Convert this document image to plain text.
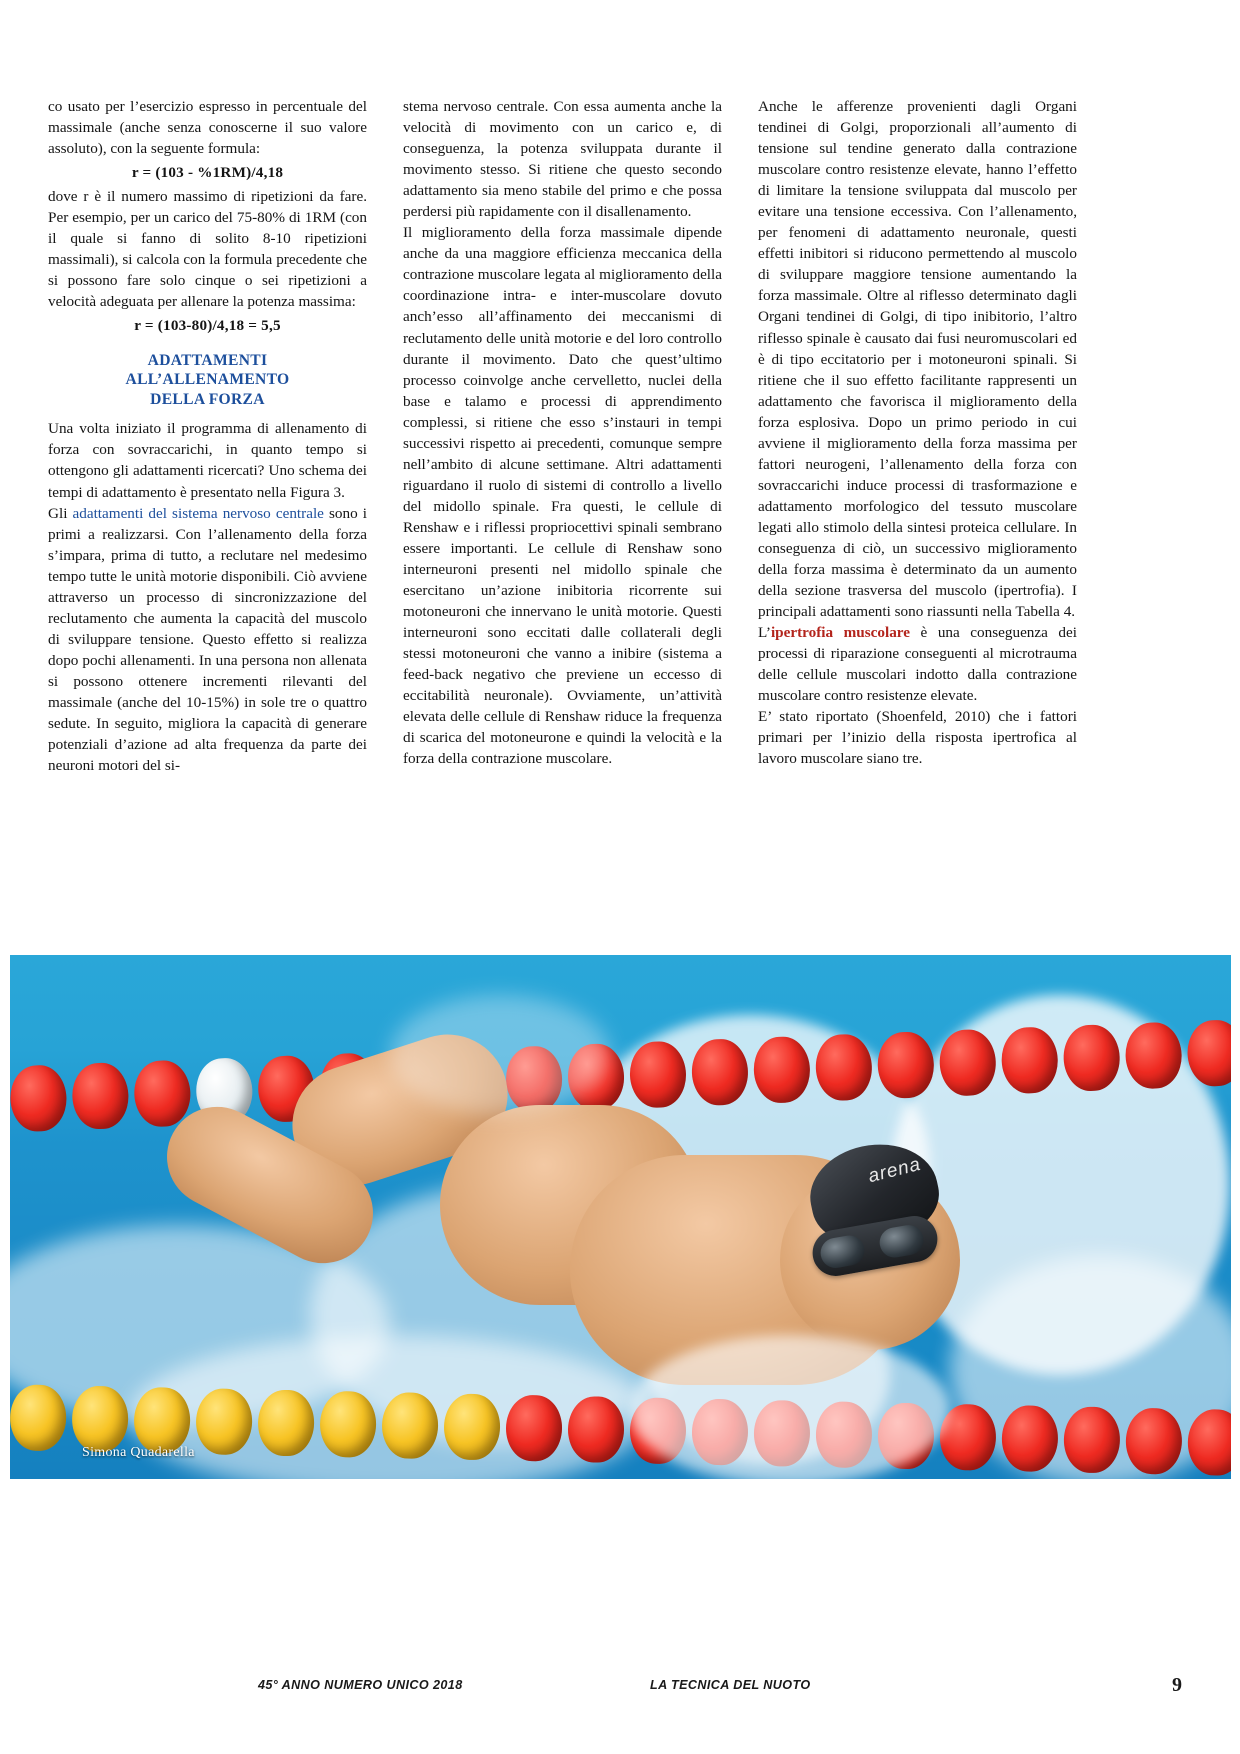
co usato per l’esercizio espresso in percentuale del massimale (anche senza conoscerne il suo valore assoluto), con la seguente formula:

r = (103 - %1RM)/4,18

dove r è il numero massimo di ripetizioni da fare. Per esempio, per un carico del 75-80% di 1RM (con il quale si fanno di solito 8-10 ripetizioni massimali), si calcola con la formula precedente che si possono fare solo cinque o sei ripetizioni a velocità adeguata per allenare la potenza massima:

r = (103-80)/4,18 = 5,5
ADATTAMENTI
ALL’ALLENAMENTO
DELLA FORZA

Una volta iniziato il programma di allenamento di forza con sovraccarichi, in quanto tempo si ottengono gli adattamenti ricercati? Uno schema dei tempi di adattamento è presentato nella Figura 3.

Gli adattamenti del sistema nervoso centrale sono i primi a realizzarsi. Con l’allenamento della forza s’impara, prima di tutto, a reclutare nel medesimo tempo tutte le unità motorie disponibili. Ciò avviene attraverso un processo di sincronizzazione del reclutamento che aumenta la capacità del muscolo di sviluppare tensione. Questo effetto si realizza dopo pochi allenamenti. In una persona non allenata si possono ottenere incrementi rilevanti del massimale (anche del 10-15%) in sole tre o quattro sedute. In seguito, migliora la capacità di generare potenziali d’azione ad alta frequenza da parte dei neuroni motori del si-

stema nervoso centrale. Con essa aumenta anche la velocità di movimento con un carico e, di conseguenza, la potenza sviluppata durante il movimento stesso. Si ritiene che questo secondo adattamento sia meno stabile del primo e che possa perdersi più rapidamente con il disallenamento.

Il miglioramento della forza massimale dipende anche da una maggiore efficienza meccanica della contrazione muscolare legata al miglioramento della coordinazione intra- e inter-muscolare dovuto anch’esso all’affinamento dei meccanismi di reclutamento delle unità motorie e del loro controllo durante il movimento. Dato che quest’ultimo processo coinvolge anche cervelletto, nuclei della base e talamo e processi di apprendimento complessi, si ritiene che esso s’instauri in tempi successivi rispetto ai precedenti, comunque sempre nell’ambito di alcune settimane. Altri adattamenti riguardano il ruolo di sistemi di controllo a livello del midollo spinale. Fra questi, le cellule di Renshaw e i riflessi propriocettivi spinali sembrano essere importanti. Le cellule di Renshaw sono interneuroni presenti nel midollo spinale che esercitano un’azione inibitoria ricorrente sui motoneuroni che innervano le unità motorie. Questi interneuroni sono eccitati dalle collaterali degli stessi motoneuroni che vanno a inibire (sistema a feed-back negativo che previene un eccesso di eccitabilità neuronale). Ovviamente, un’attività elevata delle cellule di Renshaw riduce la frequenza di scarica del motoneurone e quindi la velocità e la forza della contrazione muscolare.

Anche le afferenze provenienti dagli Organi tendinei di Golgi, proporzionali all’aumento di tensione sul tendine generato dalla contrazione muscolare contro resistenze elevate, hanno l’effetto di limitare la tensione sviluppata dal muscolo per evitare una tensione eccessiva. Con l’allenamento, per fenomeni di adattamento neuronale, questi effetti inibitori si riducono permettendo al muscolo di sviluppare maggiore tensione aumentando la forza massimale. Oltre al riflesso determinato dagli Organi tendinei di Golgi, di tipo inibitorio, l’altro riflesso spinale è causato dai fusi neuromuscolari ed è di tipo eccitatorio per i motoneuroni spinali. Si ritiene che il suo effetto facilitante rappresenti un adattamento che favorisca il miglioramento della forza esplosiva. Dopo un primo periodo in cui avviene il miglioramento della forza massima per fattori neurogeni, l’allenamento della forza con sovraccarichi induce processi di trasformazione e adattamento morfologico del tessuto muscolare legati allo stimolo della sintesi proteica cellulare. In conseguenza di ciò, un successivo miglioramento della forza massima è determinato da un aumento della sezione trasversa del muscolo (ipertrofia). I principali adattamenti sono riassunti nella Tabella 4.

L’ipertrofia muscolare è una conseguenza dei processi di riparazione conseguenti al microtrauma delle cellule muscolari indotto dalla contrazione muscolare contro resistenze elevate.

E’ stato riportato (Shoenfeld, 2010) che i fattori primari per l’inizio della risposta ipertrofica al lavoro muscolare siano tre.

arena
Simona Quadarella
45° ANNO NUMERO UNICO 2018	LA TECNICA DEL NUOTO	9
